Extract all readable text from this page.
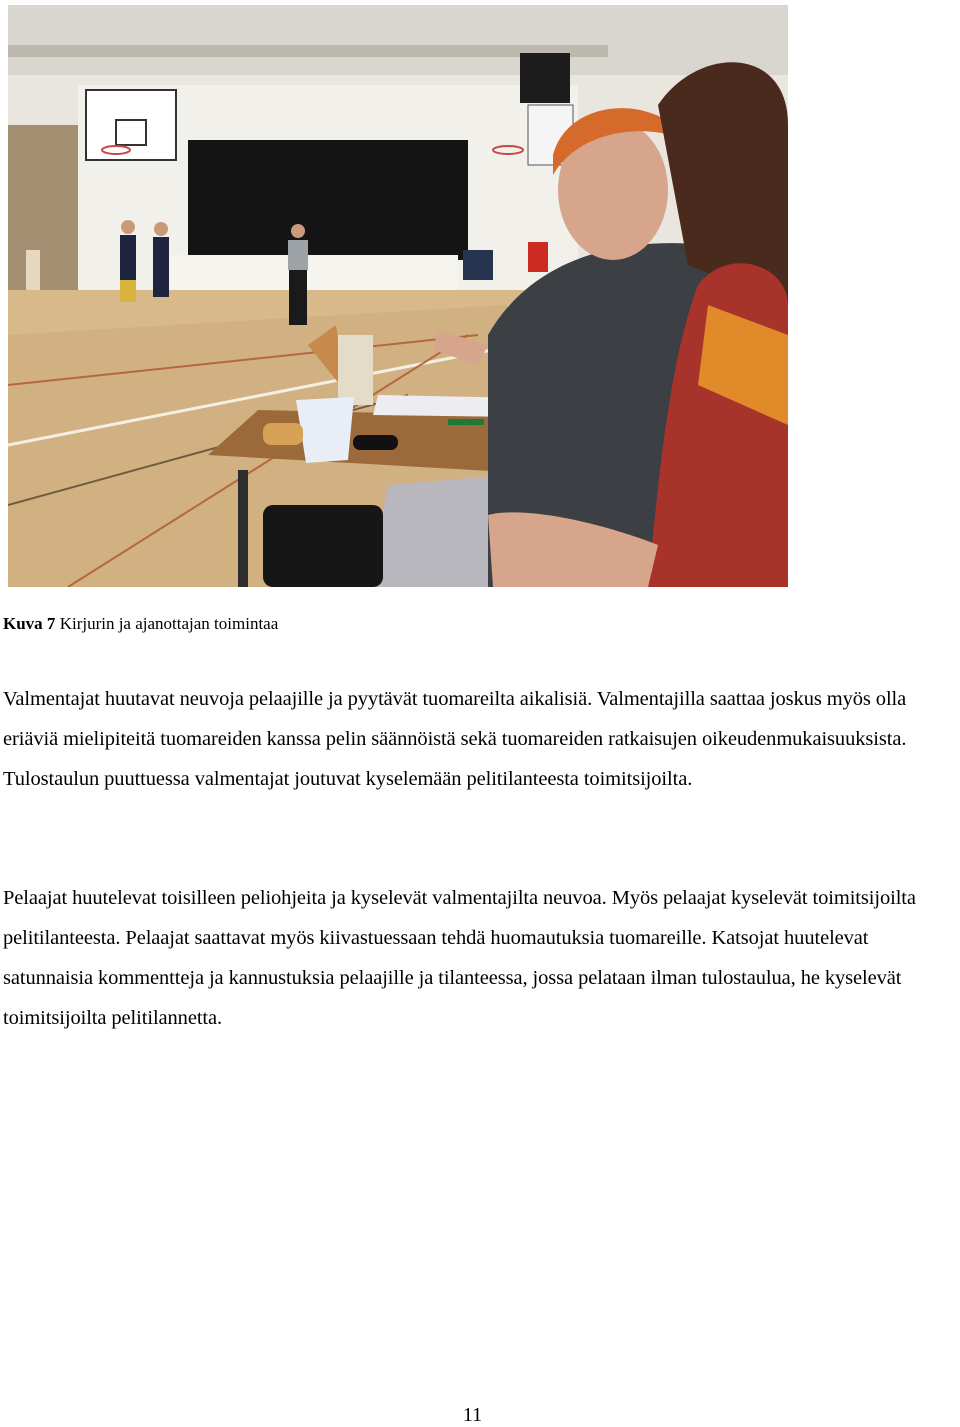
Kuva 7 Kirjurin ja ajanottajan toimintaa

Valmentajat huutavat neuvoja pelaajille ja pyytävät tuomareilta aikalisiä. Valmentajilla saattaa joskus myös olla eriäviä mielipiteitä tuomareiden kanssa pelin säännöistä sekä tuomareiden ratkaisujen oikeudenmukaisuuksista. Tulostaulun puuttuessa valmentajat joutuvat kyselemään pelitilanteesta toimitsijoilta.

Pelaajat huutelevat toisilleen peliohjeita ja kyselevät valmentajilta neuvoa. Myös pelaajat kyselevät toimitsijoilta pelitilanteesta. Pelaajat saattavat myös kiivastuessaan tehdä huomautuksia tuomareille. Katsojat huutelevat satunnaisia kommentteja ja kannustuksia pelaajille ja tilanteessa, jossa pelataan ilman tulostaulua, he kyselevät toimitsijoilta pelitilannetta.

11
